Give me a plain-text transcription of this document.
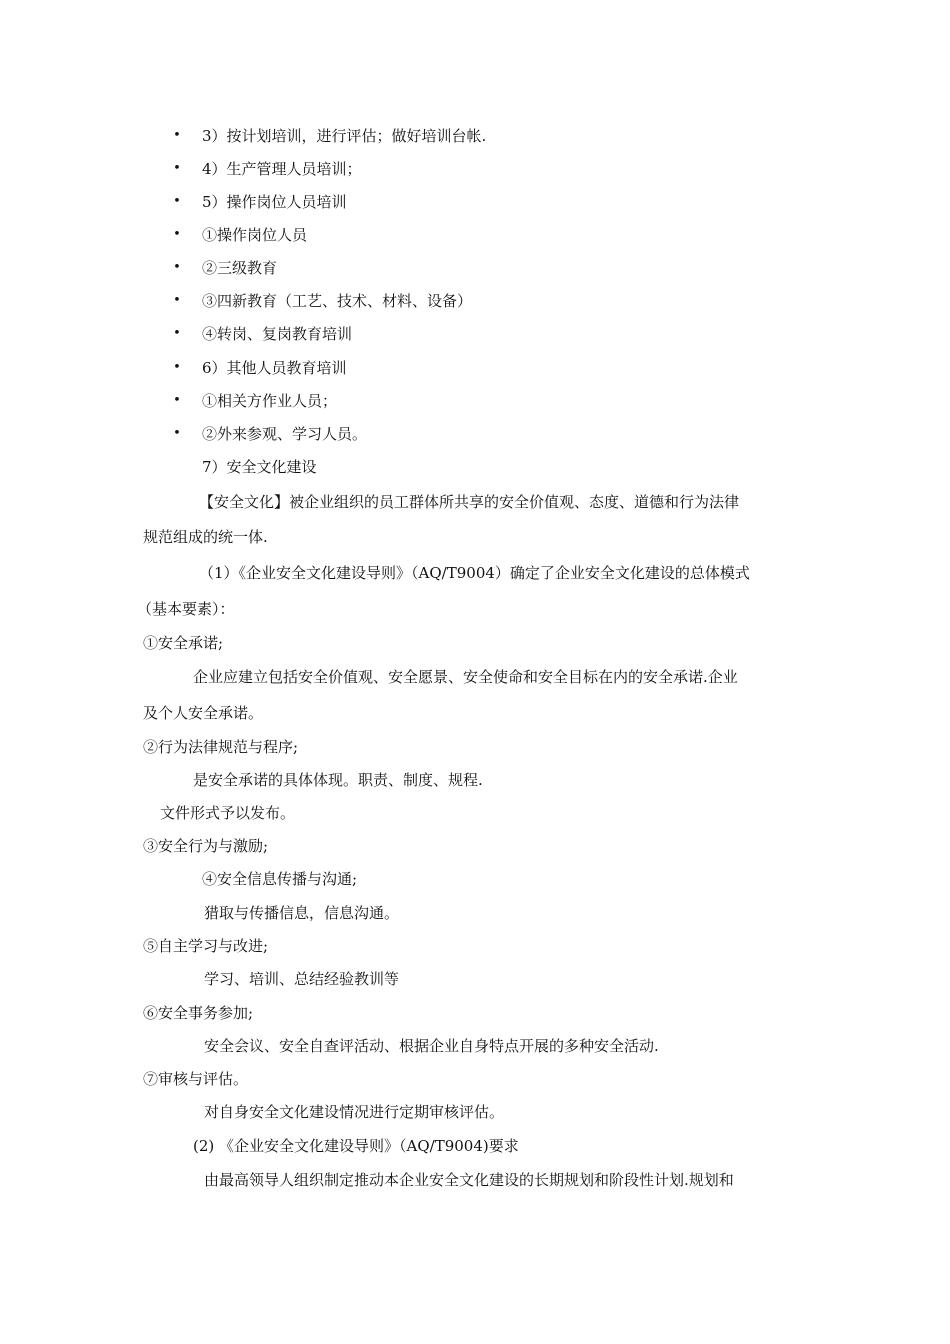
• 3）按计划培训，进行评估；做好培训台帐.
• 4）生产管理人员培训；
• 5）操作岗位人员培训
• ①操作岗位人员
• ②三级教育
• ③四新教育（工艺、技术、材料、设备）
• ④转岗、复岗教育培训
• 6）其他人员教育培训
• ①相关方作业人员；
• ②外来参观、学习人员。
7）安全文化建设
【安全文化】被企业组织的员工群体所共享的安全价值观、态度、道德和行为法律
规范组成的统一体.
（1）《企业安全文化建设导则》（AQ/T9004）确定了企业安全文化建设的总体模式
（基本要素）：
①安全承诺;
企业应建立包括安全价值观、安全愿景、安全使命和安全目标在内的安全承诺.企业
及个人安全承诺。
②行为法律规范与程序;
是安全承诺的具体体现。职责、制度、规程.
文件形式予以发布。
③安全行为与激励;
④安全信息传播与沟通;
猎取与传播信息，信息沟通。
⑤自主学习与改进;
学习、培训、总结经验教训等
⑥安全事务参加;
安全会议、安全自查评活动、根据企业自身特点开展的多种安全活动.
⑦审核与评估。
对自身安全文化建设情况进行定期审核评估。
(2) 《企业安全文化建设导则》（AQ/T9004)要求
由最高领导人组织制定推动本企业安全文化建设的长期规划和阶段性计划.规划和
